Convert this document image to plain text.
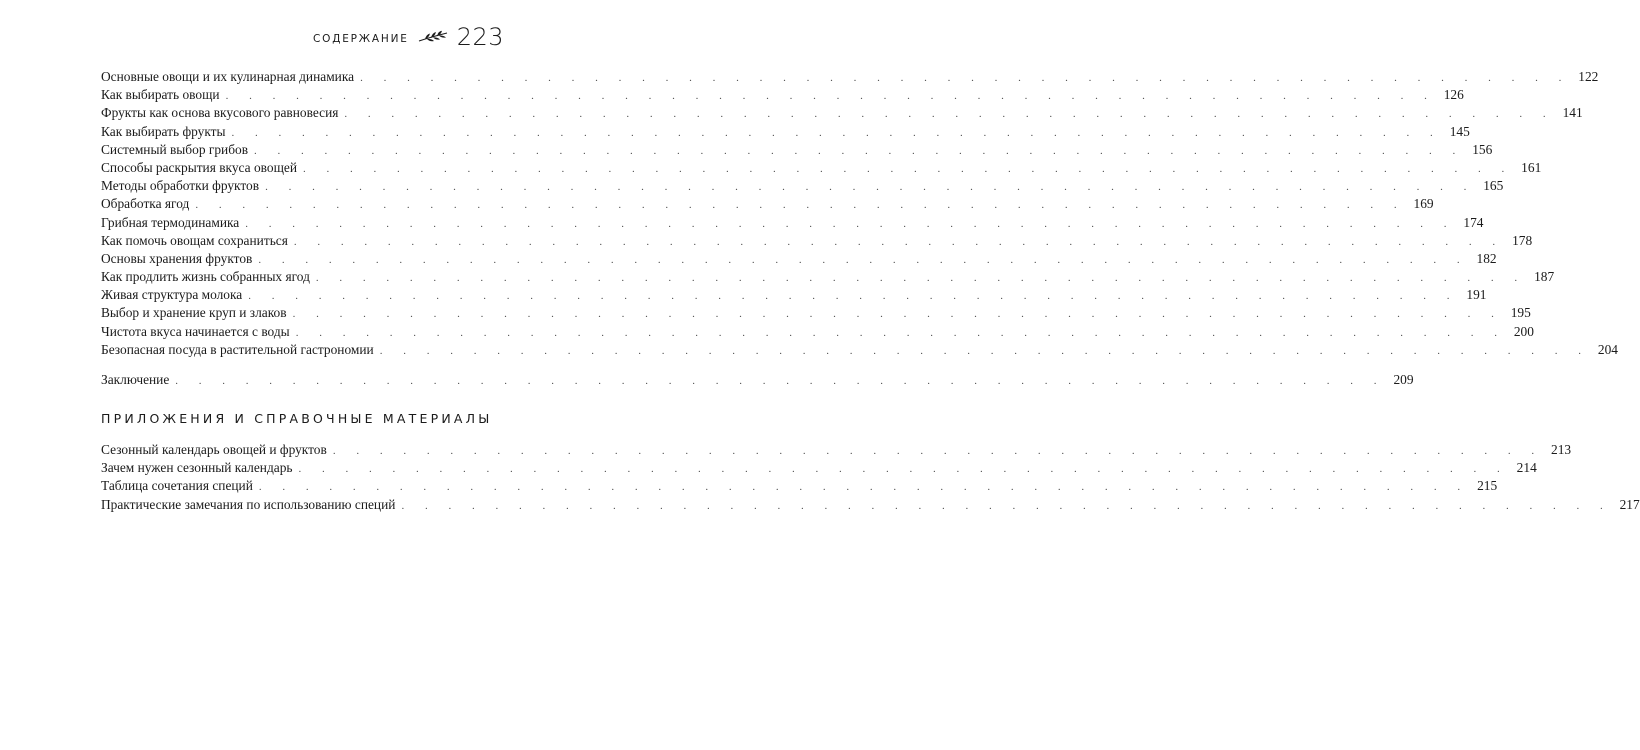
СОДЕРЖАНИЕ 223
Основные овощи и их кулинарная динамика . . . . . . . . . . . . . . . . . . . . . . . . . . . . . . . . . . . . . . . . . . . . . . . . . . . . 122
Как выбирать овощи . . . . . . . . . . . . . . . . . . . . . . . . . . . . . . . . . . . . . . . . . . . . . . . . . . . . 126
Фрукты как основа вкусового равновесия . . . . . . . . . . . . . . . . . . . . . . . . . . . . . . . . . . . . . . . . . . . . . . . . . . . . 141
Как выбирать фрукты . . . . . . . . . . . . . . . . . . . . . . . . . . . . . . . . . . . . . . . . . . . . . . . . . . . . 145
Системный выбор грибов . . . . . . . . . . . . . . . . . . . . . . . . . . . . . . . . . . . . . . . . . . . . . . . . . . . . 156
Способы раскрытия вкуса овощей . . . . . . . . . . . . . . . . . . . . . . . . . . . . . . . . . . . . . . . . . . . . . . . . . . . . 161
Методы обработки фруктов . . . . . . . . . . . . . . . . . . . . . . . . . . . . . . . . . . . . . . . . . . . . . . . . . . . . 165
Обработка ягод . . . . . . . . . . . . . . . . . . . . . . . . . . . . . . . . . . . . . . . . . . . . . . . . . . . . 169
Грибная термодинамика . . . . . . . . . . . . . . . . . . . . . . . . . . . . . . . . . . . . . . . . . . . . . . . . . . . . 174
Как помочь овощам сохраниться . . . . . . . . . . . . . . . . . . . . . . . . . . . . . . . . . . . . . . . . . . . . . . . . . . . . 178
Основы хранения фруктов . . . . . . . . . . . . . . . . . . . . . . . . . . . . . . . . . . . . . . . . . . . . . . . . . . . . 182
Как продлить жизнь собранных ягод . . . . . . . . . . . . . . . . . . . . . . . . . . . . . . . . . . . . . . . . . . . . . . . . . . . . 187
Живая структура молока . . . . . . . . . . . . . . . . . . . . . . . . . . . . . . . . . . . . . . . . . . . . . . . . . . . . 191
Выбор и хранение круп и злаков . . . . . . . . . . . . . . . . . . . . . . . . . . . . . . . . . . . . . . . . . . . . . . . . . . . . 195
Чистота вкуса начинается с воды . . . . . . . . . . . . . . . . . . . . . . . . . . . . . . . . . . . . . . . . . . . . . . . . . . . . 200
Безопасная посуда в растительной гастрономии . . . . . . . . . . . . . . . . . . . . . . . . . . . . . . . . . . . . . . . . . . . . . . . . . . . . 204
Заключение . . . . . . . . . . . . . . . . . . . . . . . . . . . . . . . . . . . . . . . . . . . . . . . . . . . . 209
ПРИЛОЖЕНИЯ И СПРАВОЧНЫЕ МАТЕРИАЛЫ
Сезонный календарь овощей и фруктов . . . . . . . . . . . . . . . . . . . . . . . . . . . . . . . . . . . . . . . . . . . . . . . . . . . . 213
Зачем нужен сезонный календарь . . . . . . . . . . . . . . . . . . . . . . . . . . . . . . . . . . . . . . . . . . . . . . . . . . . . 214
Таблица сочетания специй . . . . . . . . . . . . . . . . . . . . . . . . . . . . . . . . . . . . . . . . . . . . . . . . . . . . 215
Практические замечания по использованию специй . . . . . . . . . . . . . . . . . . . . . . . . . . . . . . . . . . . . . . . . . . . . . . . . . . . . 217
